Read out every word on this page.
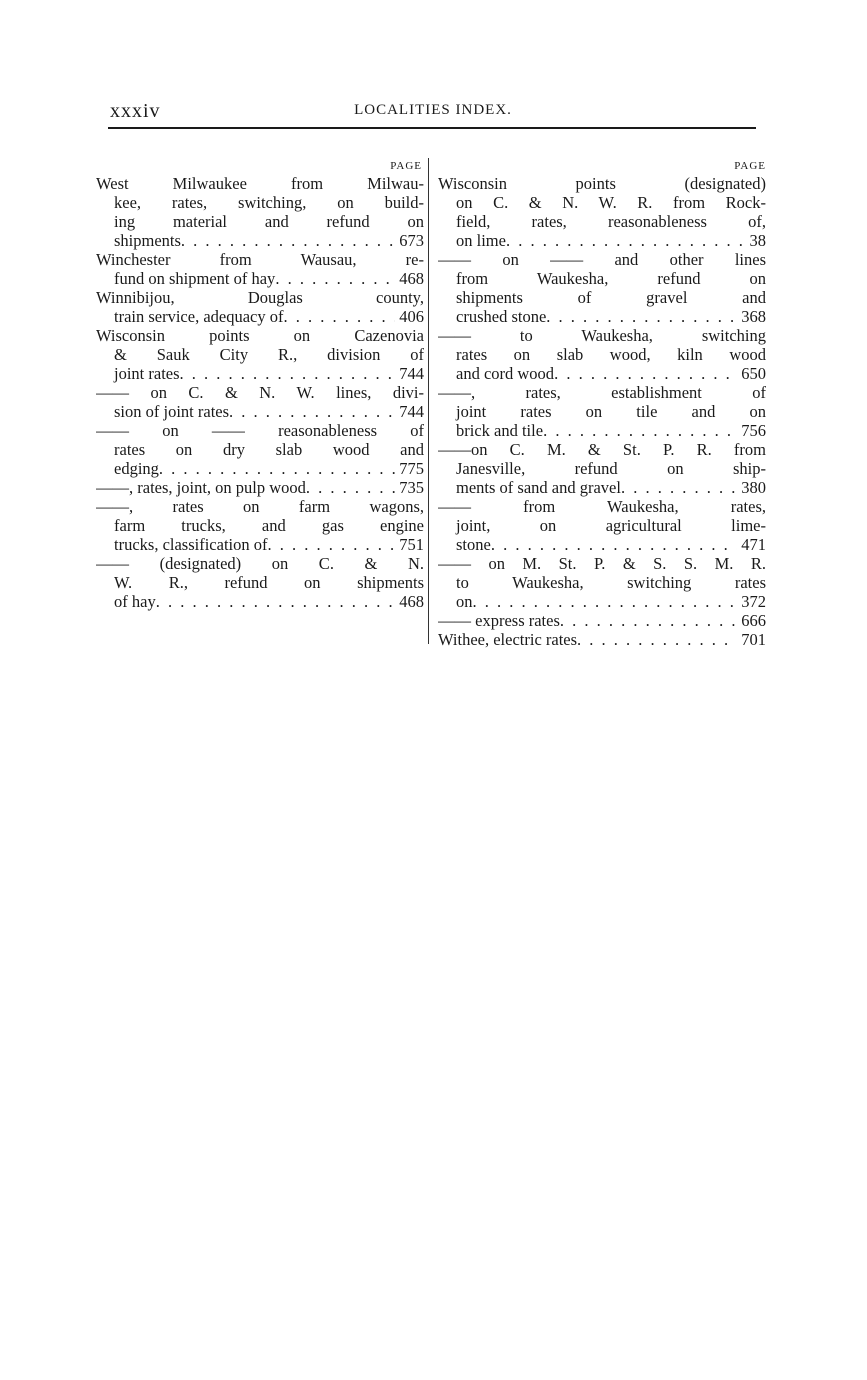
xxxiv	LOCALITIES INDEX.
PAGE
West Milwaukee from Milwau-
kee, rates, switching, on build-
ing material and refund on
shipments . . .	673
Winchester from Wausau, re-
fund on shipment of hay . . .	468
Winnibijou, Douglas county,
train service, adequacy of . . .	406
Wisconsin points on Cazenovia
& Sauk City R., division of
joint rates . . .	744
—— on C. & N. W. lines, divi-
sion of joint rates . . .	744
—— on —— reasonableness of
rates on dry slab wood and
edging . . .	775
——, rates, joint, on pulp wood . . .	735
——, rates on farm wagons,
farm trucks, and gas engine
trucks, classification of . . .	751
—— (designated) on C. & N.
W. R., refund on shipments
of hay . . .	468
PAGE
Wisconsin points (designated)
on C. & N. W. R. from Rock-
field, rates, reasonableness of,
on lime . . .	38
—— on —— and other lines
from Waukesha, refund on
shipments of gravel and
crushed stone . . .	368
—— to Waukesha, switching
rates on slab wood, kiln wood
and cord wood . . .	650
——, rates, establishment of
joint rates on tile and on
brick and tile . . .	756
——on C. M. & St. P. R. from
Janesville, refund on ship-
ments of sand and gravel . . .	380
—— from Waukesha, rates,
joint, on agricultural lime-
stone . . .	471
—— on M. St. P. & S. S. M. R.
to Waukesha, switching rates
on . . .	372
—— express rates . . .	666
Withee, electric rates . . .	701
